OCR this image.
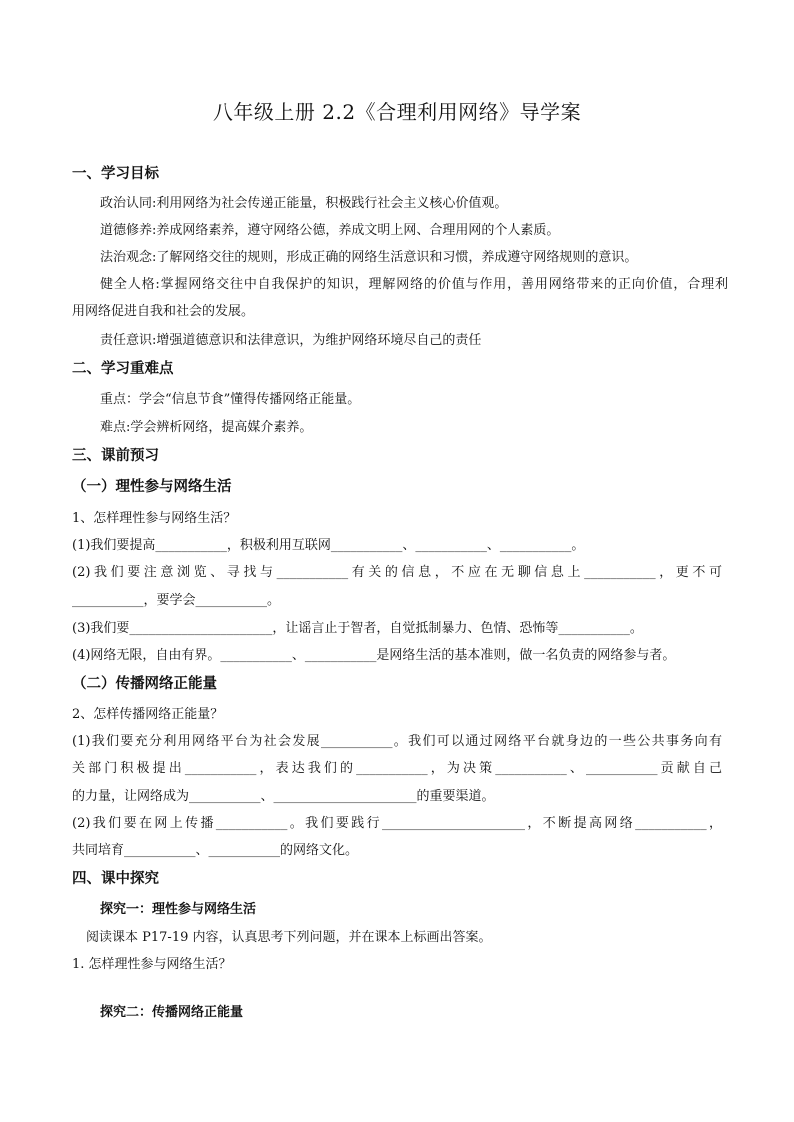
八年级上册 2.2《合理利用网络》导学案
一、学习目标
政治认同:利用网络为社会传递正能量，积极践行社会主义核心价值观。
道德修养:养成网络素养，遵守网络公德，养成文明上网、合理用网的个人素质。
法治观念:了解网络交往的规则，形成正确的网络生活意识和习惯，养成遵守网络规则的意识。
健全人格:掌握网络交往中自我保护的知识，理解网络的价值与作用，善用网络带来的正向价值，合理利
用网络促进自我和社会的发展。
责任意识:增强道德意识和法律意识，为维护网络环境尽自己的责任
二、学习重难点
重点：学会“信息节食”懂得传播网络正能量。
难点:学会辨析网络，提高媒介素养。
三、课前预习
（一）理性参与网络生活
1、怎样理性参与网络生活？
(1)我们要提高___________，积极利用互联网___________、___________、___________。
(2)我们要注意浏览、寻找与___________有关的信息，不应在无聊信息上___________，更不可
___________，要学会___________。
(3)我们要______________________，让谣言止于智者，自觉抵制暴力、色情、恐怖等___________。
(4)网络无限，自由有界。___________、___________是网络生活的基本准则，做一名负责的网络参与者。
（二）传播网络正能量
2、怎样传播网络正能量？
(1)我们要充分利用网络平台为社会发展___________。我们可以通过网络平台就身边的一些公共事务向有
关部门积极提出___________，表达我们的___________，为决策___________、___________贡献自己
的力量，让网络成为___________、______________________的重要渠道。
(2)我们要在网上传播___________。我们要践行______________________，不断提高网络___________，
共同培育___________、___________的网络文化。
四、课中探究
探究一：理性参与网络生活
阅读课本 P17-19 内容，认真思考下列问题，并在课本上标画出答案。
1. 怎样理性参与网络生活？
探究二：传播网络正能量
